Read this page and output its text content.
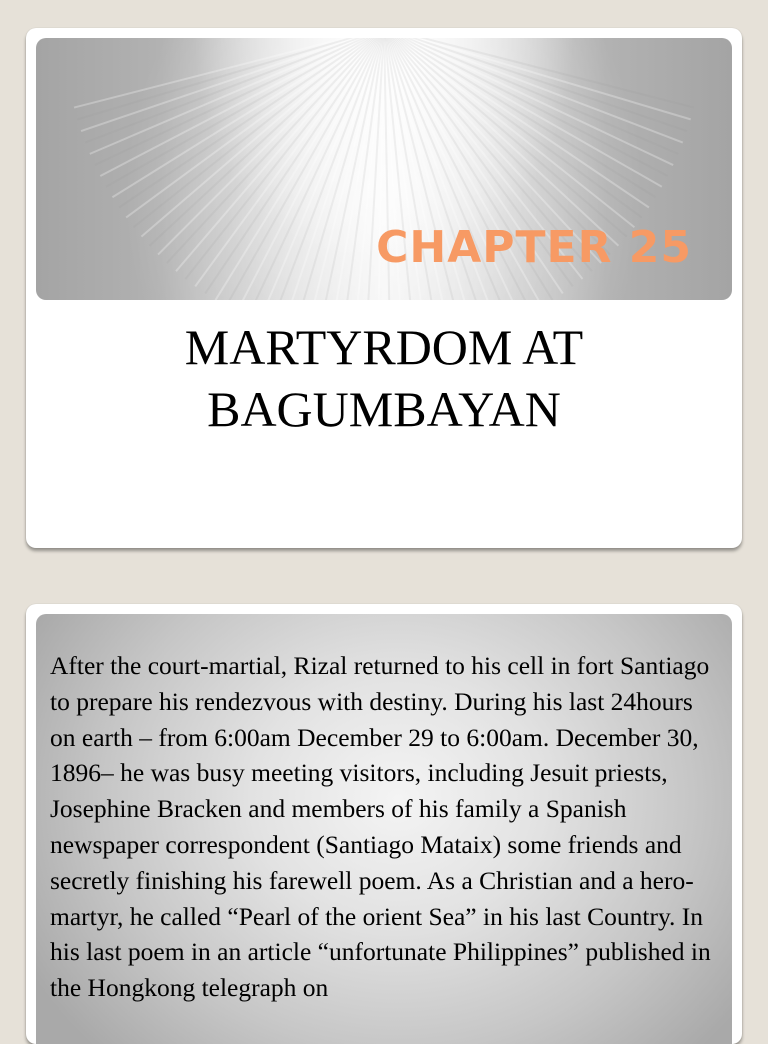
CHAPTER 25
MARTYRDOM AT
BAGUMBAYAN

After the court-martial, Rizal returned to his cell in fort Santiago to prepare his rendezvous with destiny. During his last 24hours on earth – from 6:00am December 29 to 6:00am. December 30, 1896– he was busy meeting visitors, including Jesuit priests, Josephine Bracken and members of his family a Spanish newspaper correspondent (Santiago Mataix) some friends and secretly finishing his farewell poem. As a Christian and a hero-martyr, he called “Pearl of the orient Sea” in his last Country. In his last poem in an article “unfortunate Philippines” published in the Hongkong telegraph on
